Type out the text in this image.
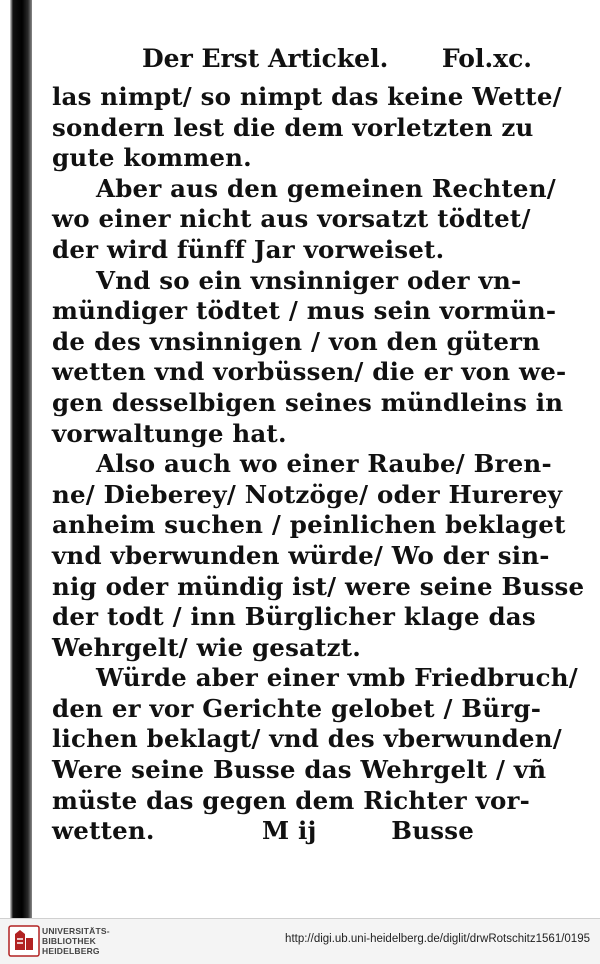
Der Erst Artickel. Fol.xc.
las nimpt/ so nimpt das keine Wette/
sondern lest die dem vorletzten zu
gute kommen.
Aber aus den gemeinen Rechten/
wo einer nicht aus vorsatzt tödtet/
der wird fünff Jar vorweiset.
Vnd so ein vnsinniger oder vn-
mündiger tödtet / mus sein vormün-
de des vnsinnigen / von den gütern
wetten vnd vorbüssen/ die er von we-
gen desselbigen seines mündleins in
vorwaltunge hat.
Also auch wo einer Raube/ Bren-
ne/ Dieberey/ Notzöge/ oder Hurerey
anheim suchen / peinlichen beklaget
vnd vberwunden würde/ Wo der sin-
nig oder mündig ist/ were seine Busse
der todt / inn Bürglicher klage das
Wehrgelt/ wie gesatzt.
Würde aber einer vmb Friedbruch/
den er vor Gerichte gelobet / Bürg-
lichen beklagt/ vnd des vberwunden/
Were seine Busse das Wehrgelt / vñ
müste das gegen dem Richter vor-
wetten.	M ij	Busse
UNIVERSITÄTS-
BIBLIOTHEK
HEIDELBERG
http://digi.ub.uni-heidelberg.de/diglit/drwRotschitz1561/0195
